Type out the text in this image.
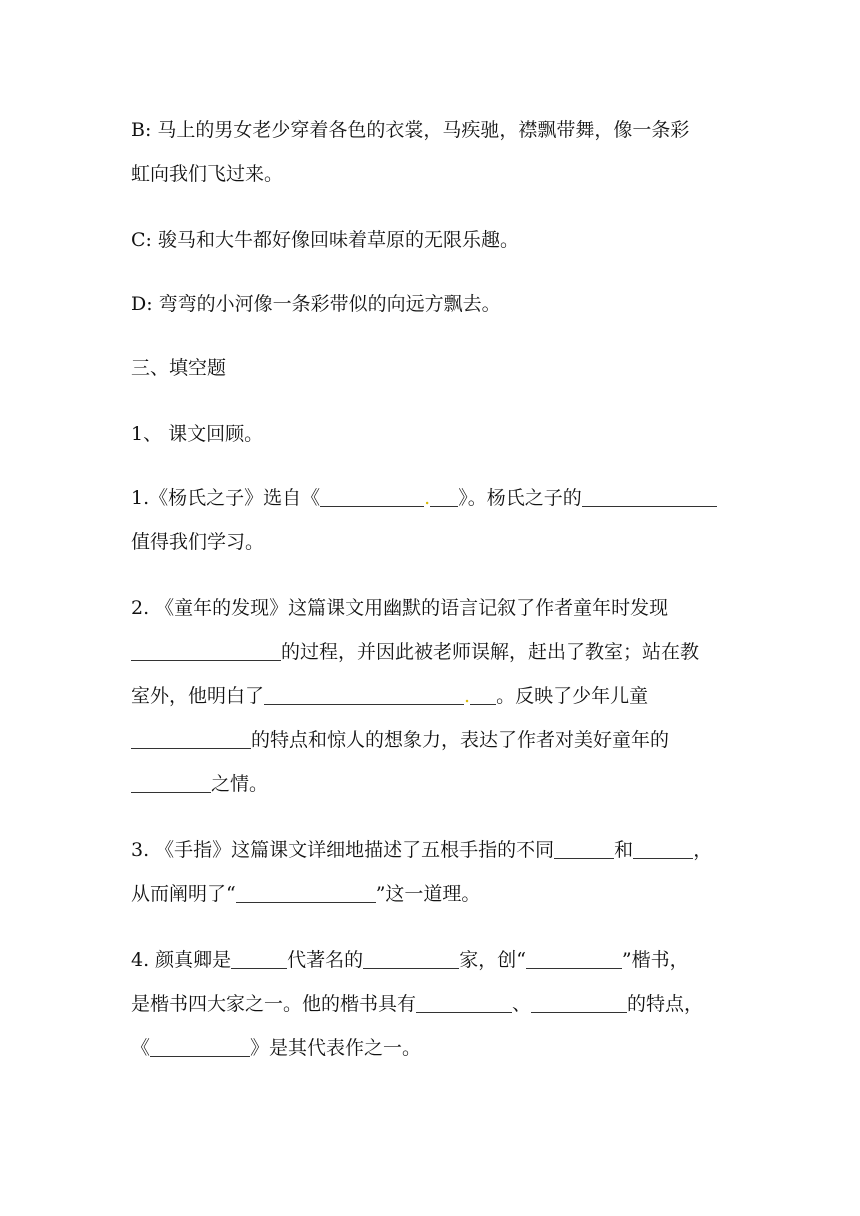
B: 马上的男女老少穿着各色的衣裳，马疾驰，襟飘带舞，像一条彩

虹向我们飞过来。

C: 骏马和大牛都好像回味着草原的无限乐趣。

D: 弯弯的小河像一条彩带似的向远方飘去。

三、填空题

1、 课文回顾。

1.《杨氏之子》选自《	. 》。杨氏之子的

值得我们学习。

2. 《童年的发现》这篇课文用幽默的语言记叙了作者童年时发现

的过程，并因此被老师误解，赶出了教室；站在教

室外，他明白了	. 。反映了少年儿童

的特点和惊人的想象力，表达了作者对美好童年的

之情。

3. 《手指》这篇课文详细地描述了五根手指的不同	和	，

从而阐明了“	”这一道理。

4. 颜真卿是	代著名的	家，创“	”楷书，

是楷书四大家之一。他的楷书具有	、	的特点，

《	》是其代表作之一。
